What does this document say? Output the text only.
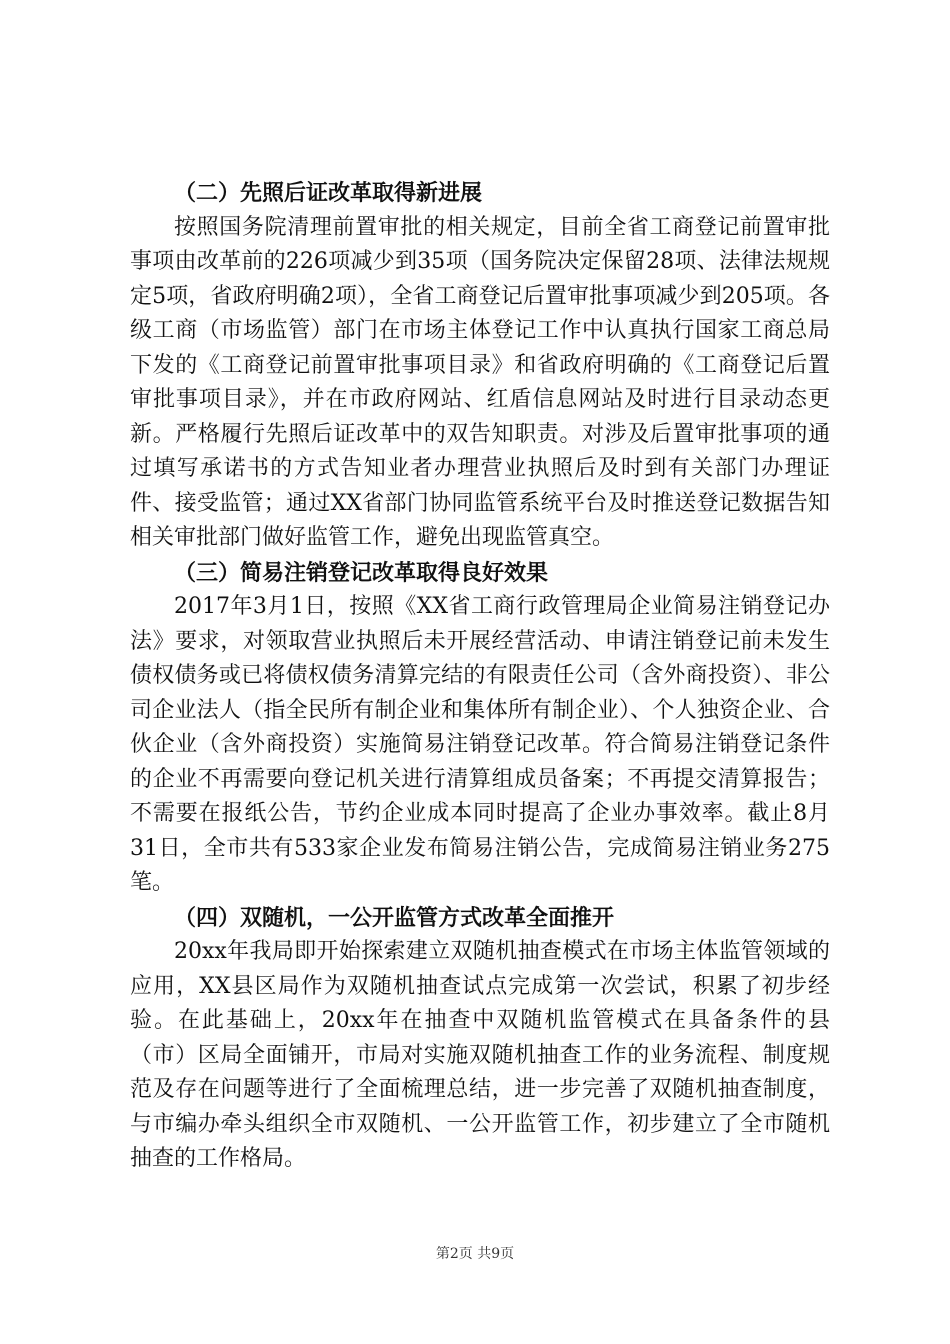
（二）先照后证改革取得新进展

按照国务院清理前置审批的相关规定，目前全省工商登记前置审批事项由改革前的226项减少到35项（国务院决定保留28项、法律法规规定5项，省政府明确2项），全省工商登记后置审批事项减少到205项。各级工商（市场监管）部门在市场主体登记工作中认真执行国家工商总局下发的《工商登记前置审批事项目录》和省政府明确的《工商登记后置审批事项目录》，并在市政府网站、红盾信息网站及时进行目录动态更新。严格履行先照后证改革中的双告知职责。对涉及后置审批事项的通过填写承诺书的方式告知业者办理营业执照后及时到有关部门办理证件、接受监管；通过XX省部门协同监管系统平台及时推送登记数据告知相关审批部门做好监管工作，避免出现监管真空。

（三）简易注销登记改革取得良好效果

2017年3月1日，按照《XX省工商行政管理局企业简易注销登记办法》要求，对领取营业执照后未开展经营活动、申请注销登记前未发生债权债务或已将债权债务清算完结的有限责任公司（含外商投资）、非公司企业法人（指全民所有制企业和集体所有制企业）、个人独资企业、合伙企业（含外商投资）实施简易注销登记改革。符合简易注销登记条件的企业不再需要向登记机关进行清算组成员备案；不再提交清算报告；不需要在报纸公告，节约企业成本同时提高了企业办事效率。截止8月31日，全市共有533家企业发布简易注销公告，完成简易注销业务275笔。

（四）双随机，一公开监管方式改革全面推开

20xx年我局即开始探索建立双随机抽查模式在市场主体监管领域的应用，XX县区局作为双随机抽查试点完成第一次尝试，积累了初步经验。在此基础上，20xx年在抽查中双随机监管模式在具备条件的县（市）区局全面铺开，市局对实施双随机抽查工作的业务流程、制度规范及存在问题等进行了全面梳理总结，进一步完善了双随机抽查制度，与市编办牵头组织全市双随机、一公开监管工作，初步建立了全市随机抽查的工作格局。

第2页 共9页
